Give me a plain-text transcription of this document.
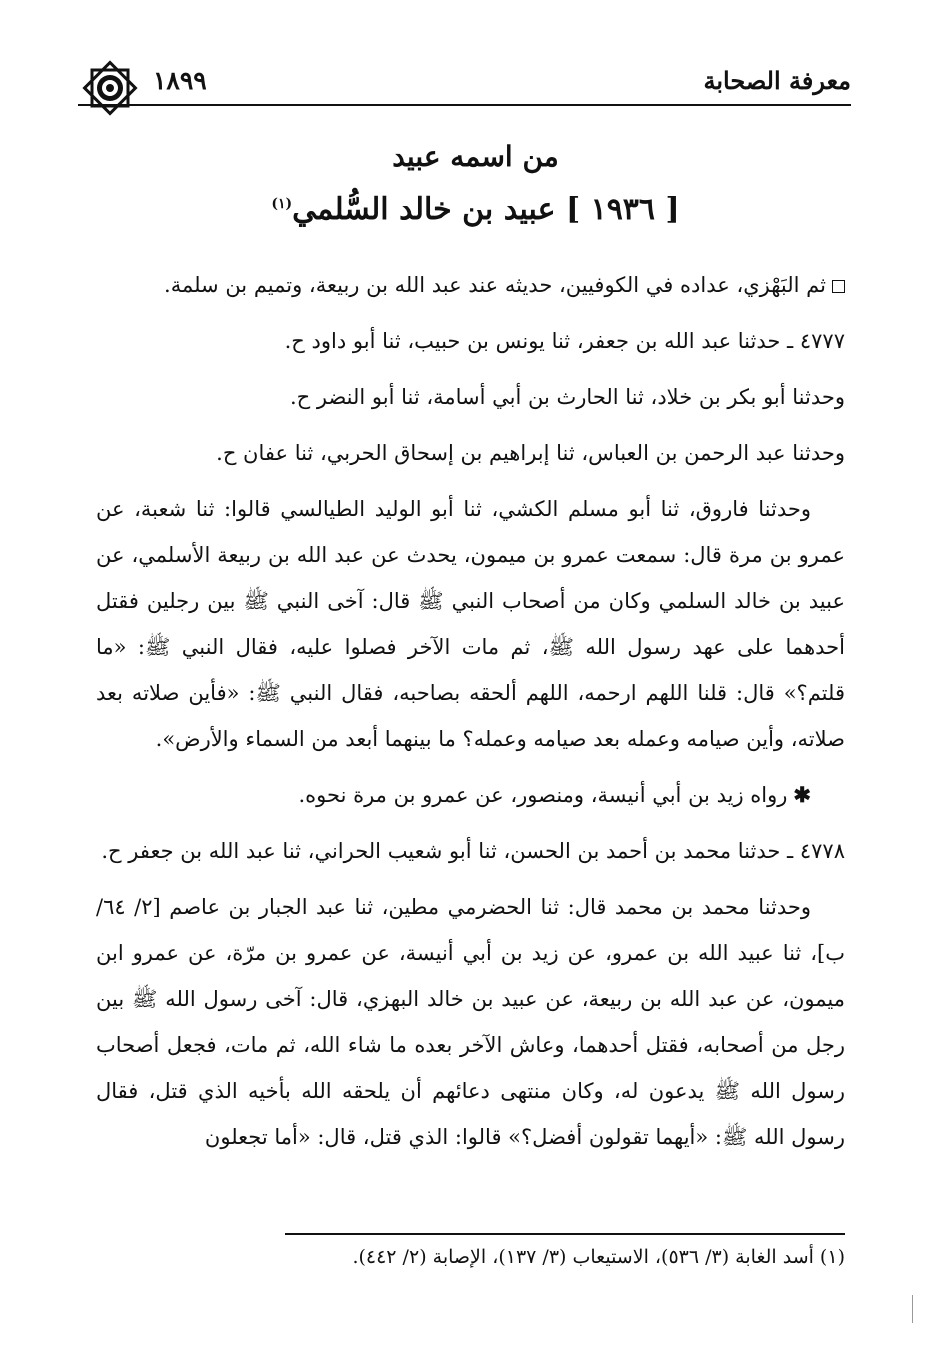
معرفة الصحابة
١٨٩٩
من اسمه عبيد
[ ١٩٣٦ ] عبيد بن خالد السُّلمي$^{(١)}$

ثم البَهْزي، عداده في الكوفيين، حديثه عند عبد الله بن ربيعة، وتميم بن سلمة.

٤٧٧٧ ـ حدثنا عبد الله بن جعفر، ثنا يونس بن حبيب، ثنا أبو داود ح.

وحدثنا أبو بكر بن خلاد، ثنا الحارث بن أبي أسامة، ثنا أبو النضر ح.

وحدثنا عبد الرحمن بن العباس، ثنا إبراهيم بن إسحاق الحربي، ثنا عفان ح.

وحدثنا فاروق، ثنا أبو مسلم الكشي، ثنا أبو الوليد الطيالسي قالوا: ثنا شعبة، عن عمرو بن مرة قال: سمعت عمرو بن ميمون، يحدث عن عبد الله بن ربيعة الأسلمي، عن عبيد بن خالد السلمي وكان من أصحاب النبي ﷺ قال: آخى النبي ﷺ بين رجلين فقتل أحدهما على عهد رسول الله ﷺ، ثم مات الآخر فصلوا عليه، فقال النبي ﷺ: «ما قلتم؟» قال: قلنا اللهم ارحمه، اللهم ألحقه بصاحبه، فقال النبي ﷺ: «فأين صلاته بعد صلاته، وأين صيامه وعمله بعد صيامه وعمله؟ ما بينهما أبعد من السماء والأرض».

✱رواه زيد بن أبي أنيسة، ومنصور، عن عمرو بن مرة نحوه.

٤٧٧٨ ـ حدثنا محمد بن أحمد بن الحسن، ثنا أبو شعيب الحراني، ثنا عبد الله بن جعفر ح.

وحدثنا محمد بن محمد قال: ثنا الحضرمي مطين، ثنا عبد الجبار بن عاصم [٢/ ٦٤/ ب]، ثنا عبيد الله بن عمرو، عن زيد بن أبي أنيسة، عن عمرو بن مرّة، عن عمرو ابن ميمون، عن عبد الله بن ربيعة، عن عبيد بن خالد البهزي، قال: آخى رسول الله ﷺ بين رجل من أصحابه، فقتل أحدهما، وعاش الآخر بعده ما شاء الله، ثم مات، فجعل أصحاب رسول الله ﷺ يدعون له، وكان منتهى دعائهم أن يلحقه الله بأخيه الذي قتل، فقال رسول الله ﷺ: «أيهما تقولون أفضل؟» قالوا: الذي قتل، قال: «أما تجعلون

(١) أسد الغابة (٣/ ٥٣٦)، الاستيعاب (٣/ ١٣٧)، الإصابة (٢/ ٤٤٢).
